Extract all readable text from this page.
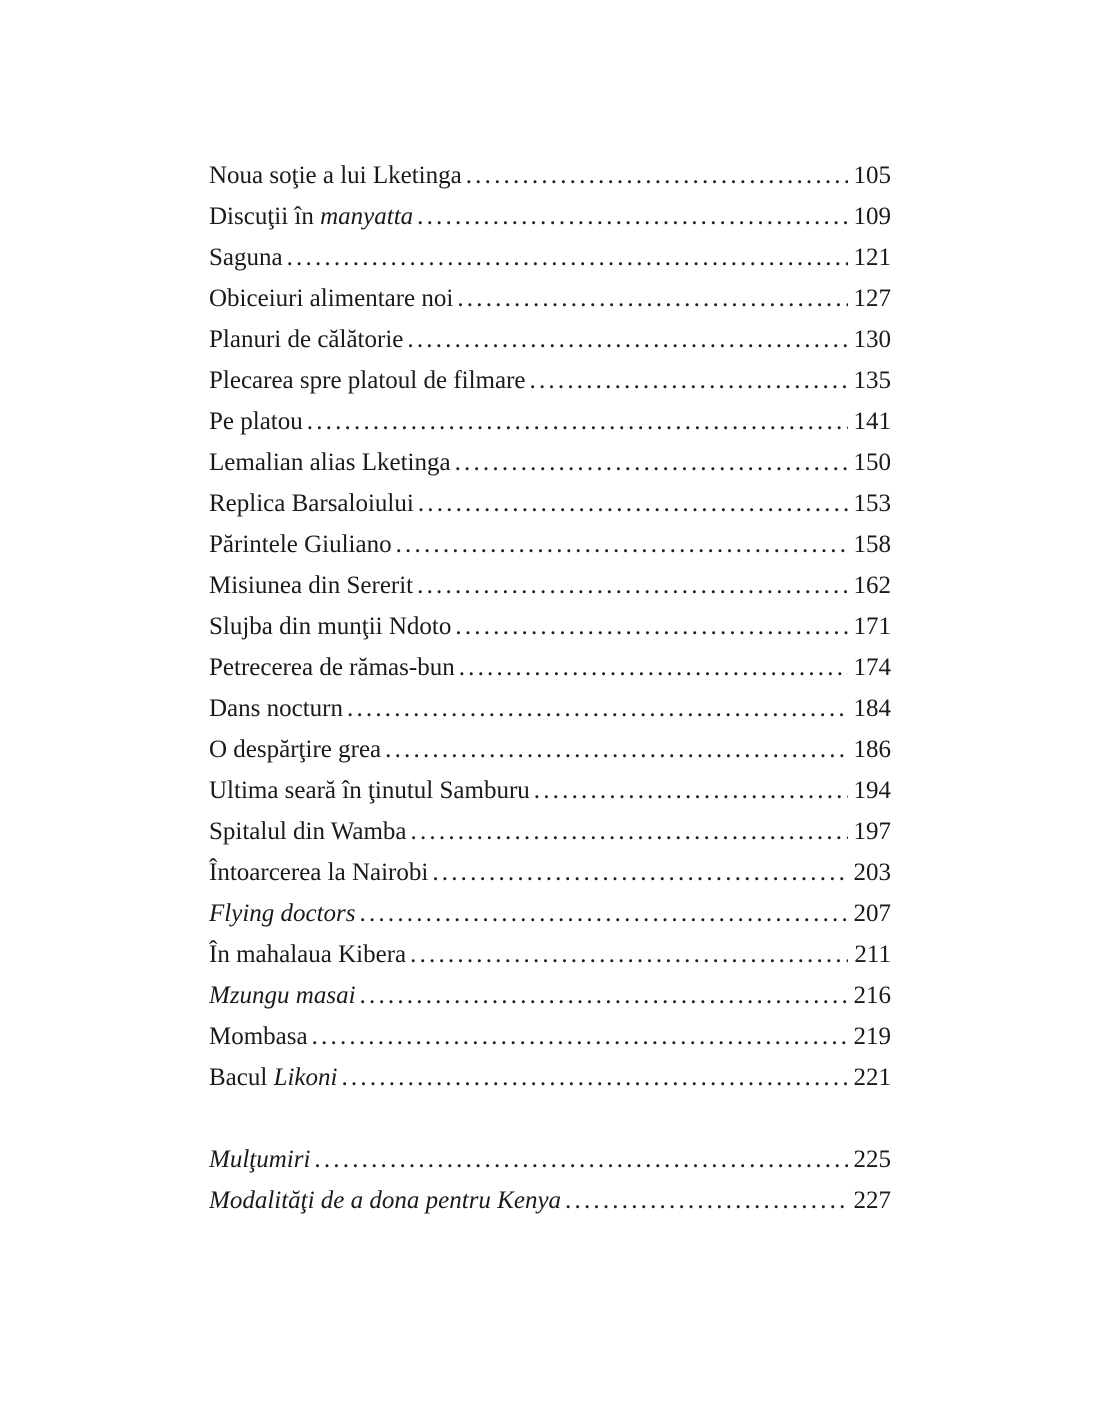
Noua soţie a lui Lketinga .....	105
Discuţii în manyatta .....	109
Saguna .....	121
Obiceiuri alimentare noi .....	127
Planuri de călătorie .....	130
Plecarea spre platoul de filmare .....	135
Pe platou .....	141
Lemalian alias Lketinga .....	150
Replica Barsaloiului .....	153
Părintele Giuliano .....	158
Misiunea din Sererit .....	162
Slujba din munţii Ndoto .....	171
Petrecerea de rămas-bun .....	174
Dans nocturn .....	184
O despărţire grea .....	186
Ultima seară în ţinutul Samburu .....	194
Spitalul din Wamba .....	197
Întoarcerea la Nairobi .....	203
Flying doctors .....	207
În mahalaua Kibera .....	211
Mzungu masai .....	216
Mombasa .....	219
Bacul Likoni .....	221
Mulţumiri .....	225
Modalităţi de a dona pentru Kenya .....	227
